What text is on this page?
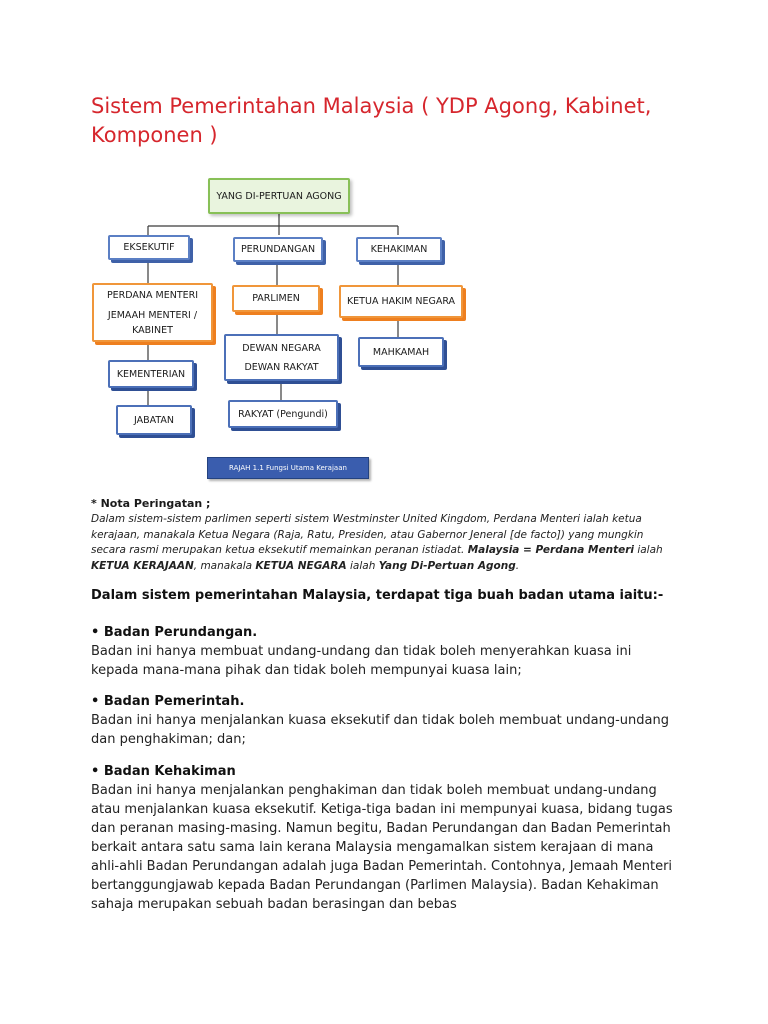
Sistem Pemerintahan Malaysia ( YDP Agong, Kabinet, Komponen )
YANG DI-PERTUAN AGONG
EKSEKUTIF	PERUNDANGAN	KEHAKIMAN
PERDANA MENTERI
JEMAAH MENTERI /
KABINET
PARLIMEN	KETUA HAKIM NEGARA
DEWAN NEGARA
DEWAN RAKYAT
MAHKAMAH
KEMENTERIAN
RAKYAT (Pengundi)
JABATAN
RAJAH 1.1 Fungsi Utama Kerajaan
* Nota Peringatan ;

Dalam sistem-sistem parlimen seperti sistem Westminster United Kingdom, Perdana Menteri ialah ketua kerajaan, manakala Ketua Negara (Raja, Ratu, Presiden, atau Gabernor Jeneral [de facto]) yang mungkin secara rasmi merupakan ketua eksekutif memainkan peranan istiadat. Malaysia = Perdana Menteri ialah KETUA KERAJAAN, manakala KETUA NEGARA ialah Yang Di-Pertuan Agong.

Dalam sistem pemerintahan Malaysia, terdapat tiga buah badan utama iaitu:-
• Badan Perundangan.
Badan ini hanya membuat undang-undang dan tidak boleh menyerahkan kuasa ini kepada mana-mana pihak dan tidak boleh mempunyai kuasa lain;
• Badan Pemerintah.
Badan ini hanya menjalankan kuasa eksekutif dan tidak boleh membuat undang-undang dan penghakiman; dan;
• Badan Kehakiman
Badan ini hanya menjalankan penghakiman dan tidak boleh membuat undang-undang atau menjalankan kuasa eksekutif. Ketiga-tiga badan ini mempunyai kuasa, bidang tugas dan peranan masing-masing. Namun begitu, Badan Perundangan dan Badan Pemerintah berkait antara satu sama lain kerana Malaysia mengamalkan sistem kerajaan di mana ahli-ahli Badan Perundangan adalah juga Badan Pemerintah. Contohnya, Jemaah Menteri bertanggungjawab kepada Badan Perundangan (Parlimen Malaysia). Badan Kehakiman sahaja merupakan sebuah badan berasingan dan bebas
